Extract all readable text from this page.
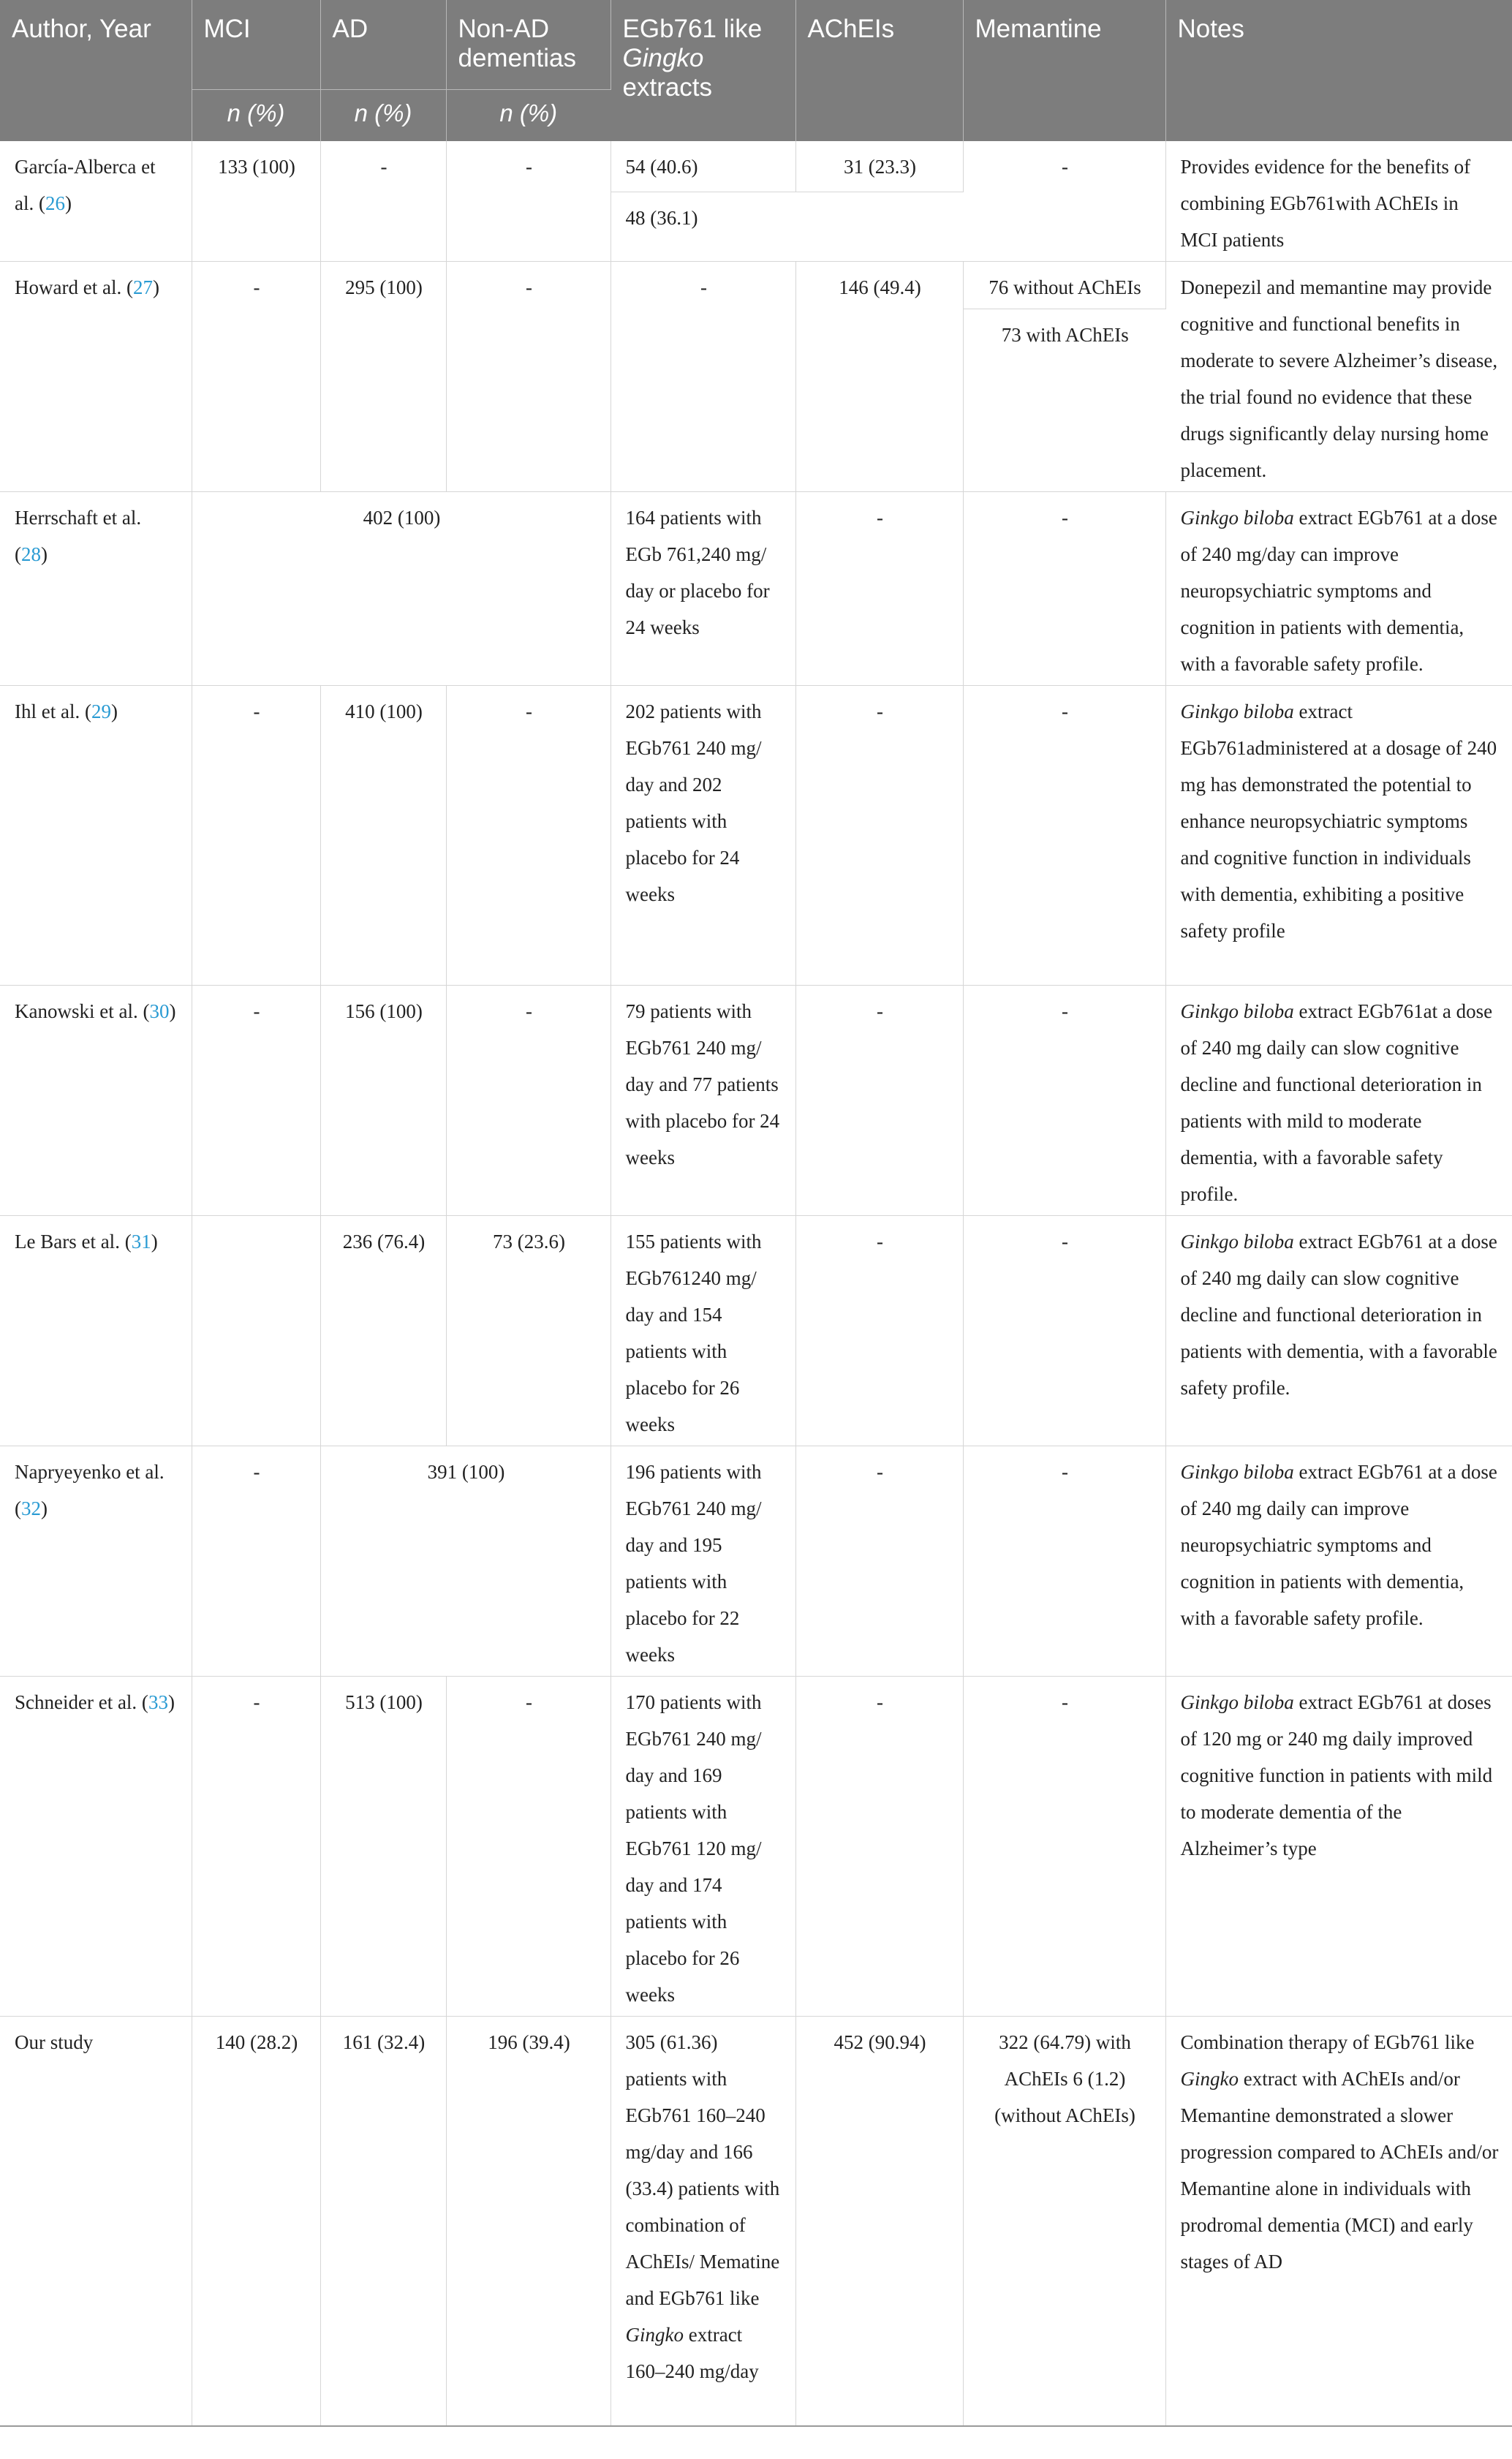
Author, Year	MCI	AD	Non-AD dementias	EGb761 like Gingko extracts	AChEIs	Memantine	Notes
	n (%)	n (%)	n (%)				
García-Alberca et al. (26)	133 (100)	-	-	54 (40.6)	31 (23.3)	-	Provides evidence for the benefits of combining EGb761with AChEIs in MCI patients
				48 (36.1)			
Howard et al. (27)	-	295 (100)	-	-	146 (49.4)	76 without AChEIs	Donepezil and memantine may provide cognitive and functional benefits in moderate to severe Alzheimer’s disease, the trial found no evidence that these drugs significantly delay nursing home placement.
						73 with AChEIs	
Herrschaft et al. (28)	402 (100)			164 patients with EGb 761,240 mg/ day or placebo for 24 weeks	-	-	Ginkgo biloba extract EGb761 at a dose of 240 mg/day can improve neuropsychiatric symptoms and cognition in patients with dementia, with a favorable safety profile.
Ihl et al. (29)	-	410 (100)	-	202 patients with EGb761 240 mg/ day and 202 patients with placebo for 24 weeks	-	-	Ginkgo biloba extract EGb761administered at a dosage of 240 mg has demonstrated the potential to enhance neuropsychiatric symptoms and cognitive function in individuals with dementia, exhibiting a positive safety profile
Kanowski et al. (30)	-	156 (100)	-	79 patients with EGb761 240 mg/ day and 77 patients with placebo for 24 weeks	-	-	Ginkgo biloba extract EGb761at a dose of 240 mg daily can slow cognitive decline and functional deterioration in patients with mild to moderate dementia, with a favorable safety profile.
Le Bars et al. (31)		236 (76.4)	73 (23.6)	155 patients with EGb761240 mg/ day and 154 patients with placebo for 26 weeks	-	-	Ginkgo biloba extract EGb761 at a dose of 240 mg daily can slow cognitive decline and functional deterioration in patients with dementia, with a favorable safety profile.
Napryeyenko et al. (32)	-	391 (100)		196 patients with EGb761 240 mg/ day and 195 patients with placebo for 22 weeks	-	-	Ginkgo biloba extract EGb761 at a dose of 240 mg daily can improve neuropsychiatric symptoms and cognition in patients with dementia, with a favorable safety profile.
Schneider et al. (33)	-	513 (100)	-	170 patients with EGb761 240 mg/ day and 169 patients with EGb761 120 mg/ day and 174 patients with placebo for 26 weeks	-	-	Ginkgo biloba extract EGb761 at doses of 120 mg or 240 mg daily improved cognitive function in patients with mild to moderate dementia of the Alzheimer’s type
Our study	140 (28.2)	161 (32.4)	196 (39.4)	305 (61.36) patients with EGb761 160–240 mg/day and 166 (33.4) patients with combination of AChEIs/ Mematine and EGb761 like Gingko extract 160–240 mg/day	452 (90.94)	322 (64.79) with AChEIs 6 (1.2) (without AChEIs)	Combination therapy of EGb761 like Gingko extract with AChEIs and/or Memantine demonstrated a slower progression compared to AChEIs and/or Memantine alone in individuals with prodromal dementia (MCI) and early stages of AD
